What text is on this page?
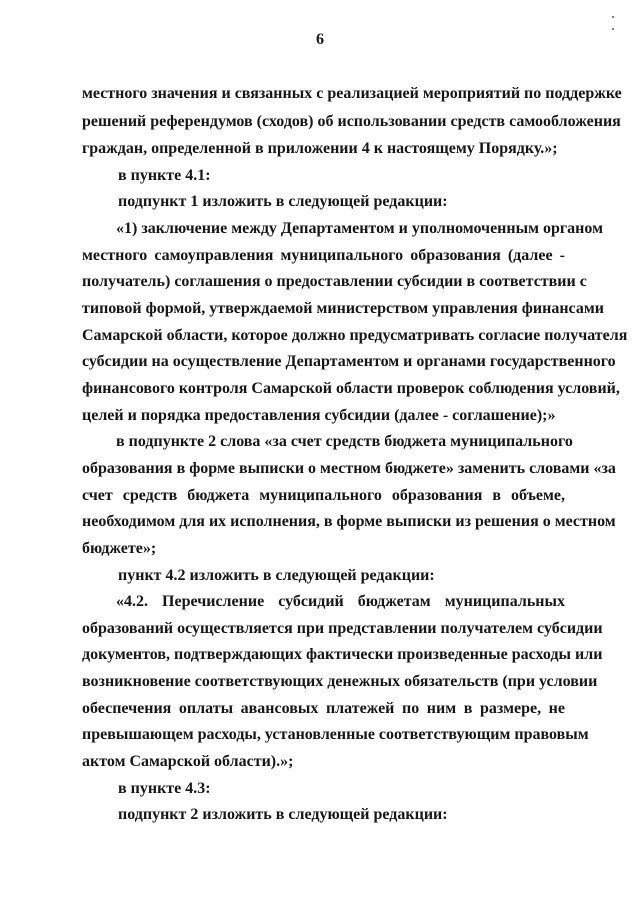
6
местного значения и связанных с реализацией мероприятий по поддержке
решений референдумов (сходов) об использовании средств самообложения
граждан, определенной в приложении 4 к настоящему Порядку.»;
в пункте 4.1:
подпункт 1 изложить в следующей редакции:
«1) заключение между Департаментом и уполномоченным органом
местного самоуправления муниципального образования (далее -
получатель) соглашения о предоставлении субсидии в соответствии с
типовой формой, утверждаемой министерством управления финансами
Самарской области, которое должно предусматривать согласие получателя
субсидии на осуществление Департаментом и органами государственного
финансового контроля Самарской области проверок соблюдения условий,
целей и порядка предоставления субсидии (далее - соглашение);»
в подпункте 2 слова «за счет средств бюджета муниципального
образования в форме выписки о местном бюджете» заменить словами «за
счет средств бюджета муниципального образования в объеме,
необходимом для их исполнения, в форме выписки из решения о местном
бюджете»;
пункт 4.2 изложить в следующей редакции:
«4.2. Перечисление субсидий бюджетам муниципальных
образований осуществляется при представлении получателем субсидии
документов, подтверждающих фактически произведенные расходы или
возникновение соответствующих денежных обязательств (при условии
обеспечения оплаты авансовых платежей по ним в размере, не
превышающем расходы, установленные соответствующим правовым
актом Самарской области).»;
в пункте 4.3:
подпункт 2 изложить в следующей редакции:
